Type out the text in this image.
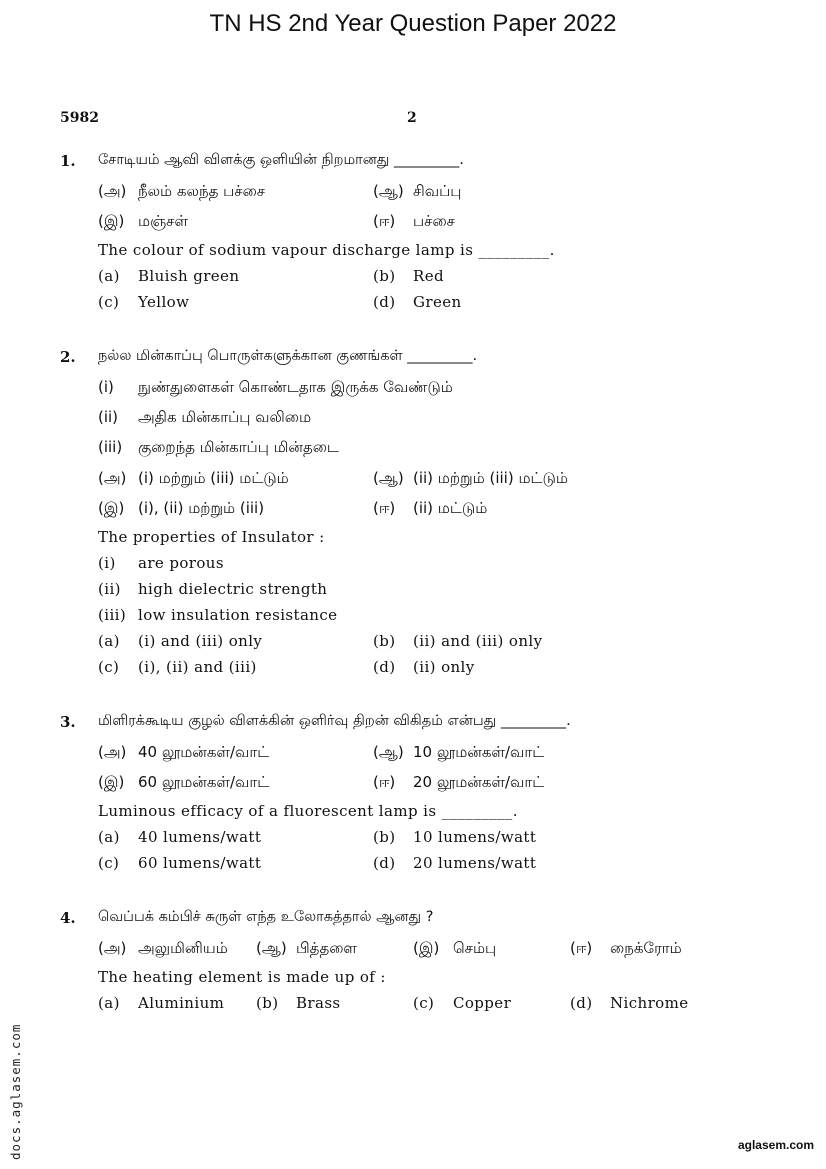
TN HS 2nd Year Question Paper 2022
5982	2
1. சோடியம் ஆவி விளக்கு ஒளியின் நிறமானது _________.
(அ) நீலம் கலந்த பச்சை	(ஆ) சிவப்பு
(இ) மஞ்சள்	(ஈ) பச்சை
The colour of sodium vapour discharge lamp is _________.
(a) Bluish green	(b) Red
(c) Yellow	(d) Green
2. நல்ல மின்காப்பு பொருள்களுக்கான குணங்கள் _________.
(i) நுண்துளைகள் கொண்டதாக இருக்க வேண்டும்
(ii) அதிக மின்காப்பு வலிமை
(iii) குறைந்த மின்காப்பு மின்தடை
(அ) (i) மற்றும் (iii) மட்டும்	(ஆ) (ii) மற்றும் (iii) மட்டும்
(இ) (i), (ii) மற்றும் (iii)	(ஈ) (ii) மட்டும்
The properties of Insulator :
(i) are porous
(ii) high dielectric strength
(iii) low insulation resistance
(a) (i) and (iii) only	(b) (ii) and (iii) only
(c) (i), (ii) and (iii)	(d) (ii) only
3. மிளிரக்கூடிய குழல் விளக்கின் ஒளிர்வு திறன் விகிதம் என்பது _________.
(அ) 40 லூமன்கள்/வாட்	(ஆ) 10 லூமன்கள்/வாட்
(இ) 60 லூமன்கள்/வாட்	(ஈ) 20 லூமன்கள்/வாட்
Luminous efficacy of a fluorescent lamp is _________.
(a) 40 lumens/watt	(b) 10 lumens/watt
(c) 60 lumens/watt	(d) 20 lumens/watt
4. வெப்பக் கம்பிச் சுருள் எந்த உலோகத்தால் ஆனது ?
(அ) அலுமினியம் (ஆ) பித்தளை	(இ) செம்பு	(ஈ) நைக்ரோம்
The heating element is made up of :
(a) Aluminium (b) Brass	(c) Copper	(d) Nichrome
docs.aglasem.com	aglasem.com
